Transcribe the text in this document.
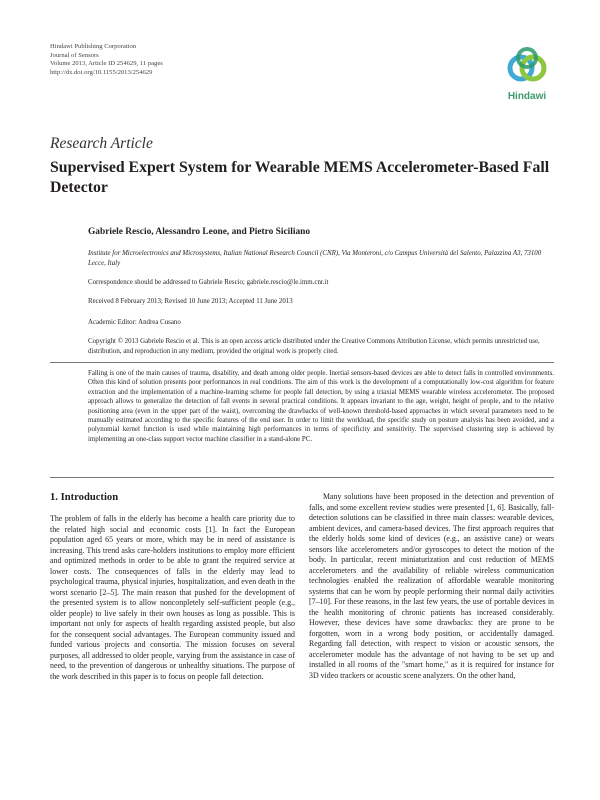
Hindawi Publishing Corporation
Journal of Sensors
Volume 2013, Article ID 254629, 11 pages
http://dx.doi.org/10.1155/2013/254629
Hindawi
Research Article
Supervised Expert System for Wearable MEMS Accelerometer-Based Fall Detector
Gabriele Rescio, Alessandro Leone, and Pietro Siciliano
Institute for Microelectronics and Microsystems, Italian National Research Council (CNR), Via Monteroni, c/o Campus Università del Salento, Palazzina A3, 73100 Lecce, Italy
Correspondence should be addressed to Gabriele Rescio; gabriele.rescio@le.imm.cnr.it
Received 8 February 2013; Revised 10 June 2013; Accepted 11 June 2013
Academic Editor: Andrea Cusano
Copyright © 2013 Gabriele Rescio et al. This is an open access article distributed under the Creative Commons Attribution License, which permits unrestricted use, distribution, and reproduction in any medium, provided the original work is properly cited.
Falling is one of the main causes of trauma, disability, and death among older people. Inertial sensors-based devices are able to detect falls in controlled environments. Often this kind of solution presents poor performances in real conditions. The aim of this work is the development of a computationally low-cost algorithm for feature extraction and the implementation of a machine-learning scheme for people fall detection, by using a triaxial MEMS wearable wireless accelerometer. The proposed approach allows to generalize the detection of fall events in several practical conditions. It appears invariant to the age, weight, height of people, and to the relative positioning area (even in the upper part of the waist), overcoming the drawbacks of well-known threshold-based approaches in which several parameters need to be manually estimated according to the specific features of the end user. In order to limit the workload, the specific study on posture analysis has been avoided, and a polynomial kernel function is used while maintaining high performances in terms of specificity and sensitivity. The supervised clustering step is achieved by implementing an one-class support vector machine classifier in a stand-alone PC.
1. Introduction
The problem of falls in the elderly has become a health care priority due to the related high social and economic costs [1]. In fact the European population aged 65 years or more, which may be in need of assistance is increasing. This trend asks care-holders institutions to employ more efficient and optimized methods in order to be able to grant the required service at lower costs. The consequences of falls in the elderly may lead to psychological trauma, physical injuries, hospitalization, and even death in the worst scenario [2–5]. The main reason that pushed for the development of the presented system is to allow nonconpletely self-sufficient people (e.g., older people) to live safely in their own houses as long as possible. This is important not only for aspects of health regarding assisted people, but also for the consequent social advantages. The European community issued and funded various projects and consortia. The mission focuses on several purposes, all addressed to older people, varying from the assistance in case of need, to the prevention of dangerous or unhealthy situations. The purpose of the work described in this paper is to focus on people fall detection.
Many solutions have been proposed in the detection and prevention of falls, and some excellent review studies were presented [1, 6]. Basically, fall-detection solutions can be classified in three main classes: wearable devices, ambient devices, and camera-based devices. The first approach requires that the elderly holds some kind of devices (e.g., an assistive cane) or wears sensors like accelerometers and/or gyroscopes to detect the motion of the body. In particular, recent miniaturization and cost reduction of MEMS accelerometers and the availability of reliable wireless communication technologies enabled the realization of affordable wearable monitoring systems that can be worn by people performing their normal daily activities [7–10]. For these reasons, in the last few years, the use of portable devices in the health monitoring of chronic patients has increased considerably. However, these devices have some drawbacks: they are prone to be forgotten, worn in a wrong body position, or accidentally damaged. Regarding fall detection, with respect to vision or acoustic sensors, the accelerometer module has the advantage of not having to be set up and installed in all rooms of the "smart home," as it is required for instance for 3D video trackers or acoustic scene analyzers. On the other hand,
